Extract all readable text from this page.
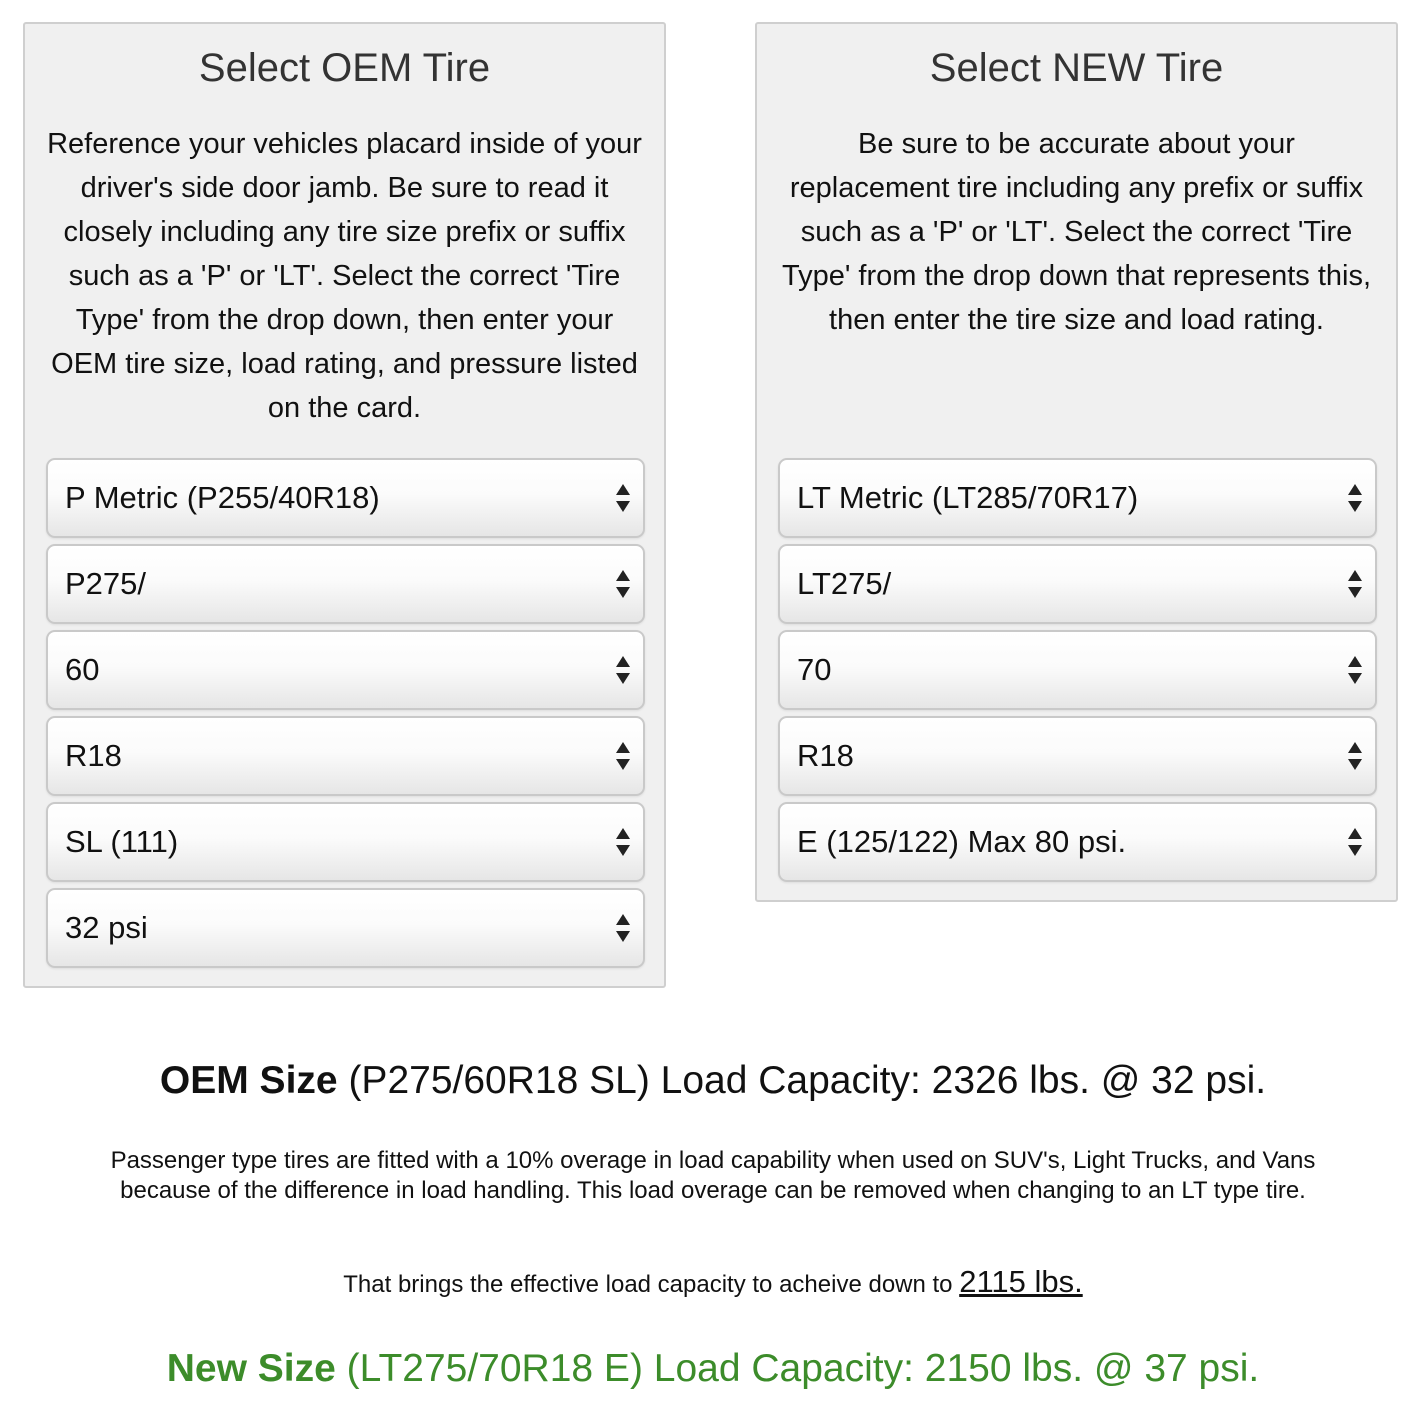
Select OEM Tire
Reference your vehicles placard inside of your driver's side door jamb. Be sure to read it closely including any tire size prefix or suffix such as a 'P' or 'LT'. Select the correct 'Tire Type' from the drop down, then enter your OEM tire size, load rating, and pressure listed on the card.
P Metric (P255/40R18)
P275/
60
R18
SL (111)
32 psi
Select NEW Tire
Be sure to be accurate about your replacement tire including any prefix or suffix such as a 'P' or 'LT'. Select the correct 'Tire Type' from the drop down that represents this, then enter the tire size and load rating.
LT Metric (LT285/70R17)
LT275/
70
R18
E (125/122) Max 80 psi.
OEM Size (P275/60R18 SL) Load Capacity: 2326 lbs. @ 32 psi.
Passenger type tires are fitted with a 10% overage in load capability when used on SUV's, Light Trucks, and Vans because of the difference in load handling. This load overage can be removed when changing to an LT type tire.
That brings the effective load capacity to acheive down to 2115 lbs.
New Size (LT275/70R18 E) Load Capacity: 2150 lbs. @ 37 psi.
